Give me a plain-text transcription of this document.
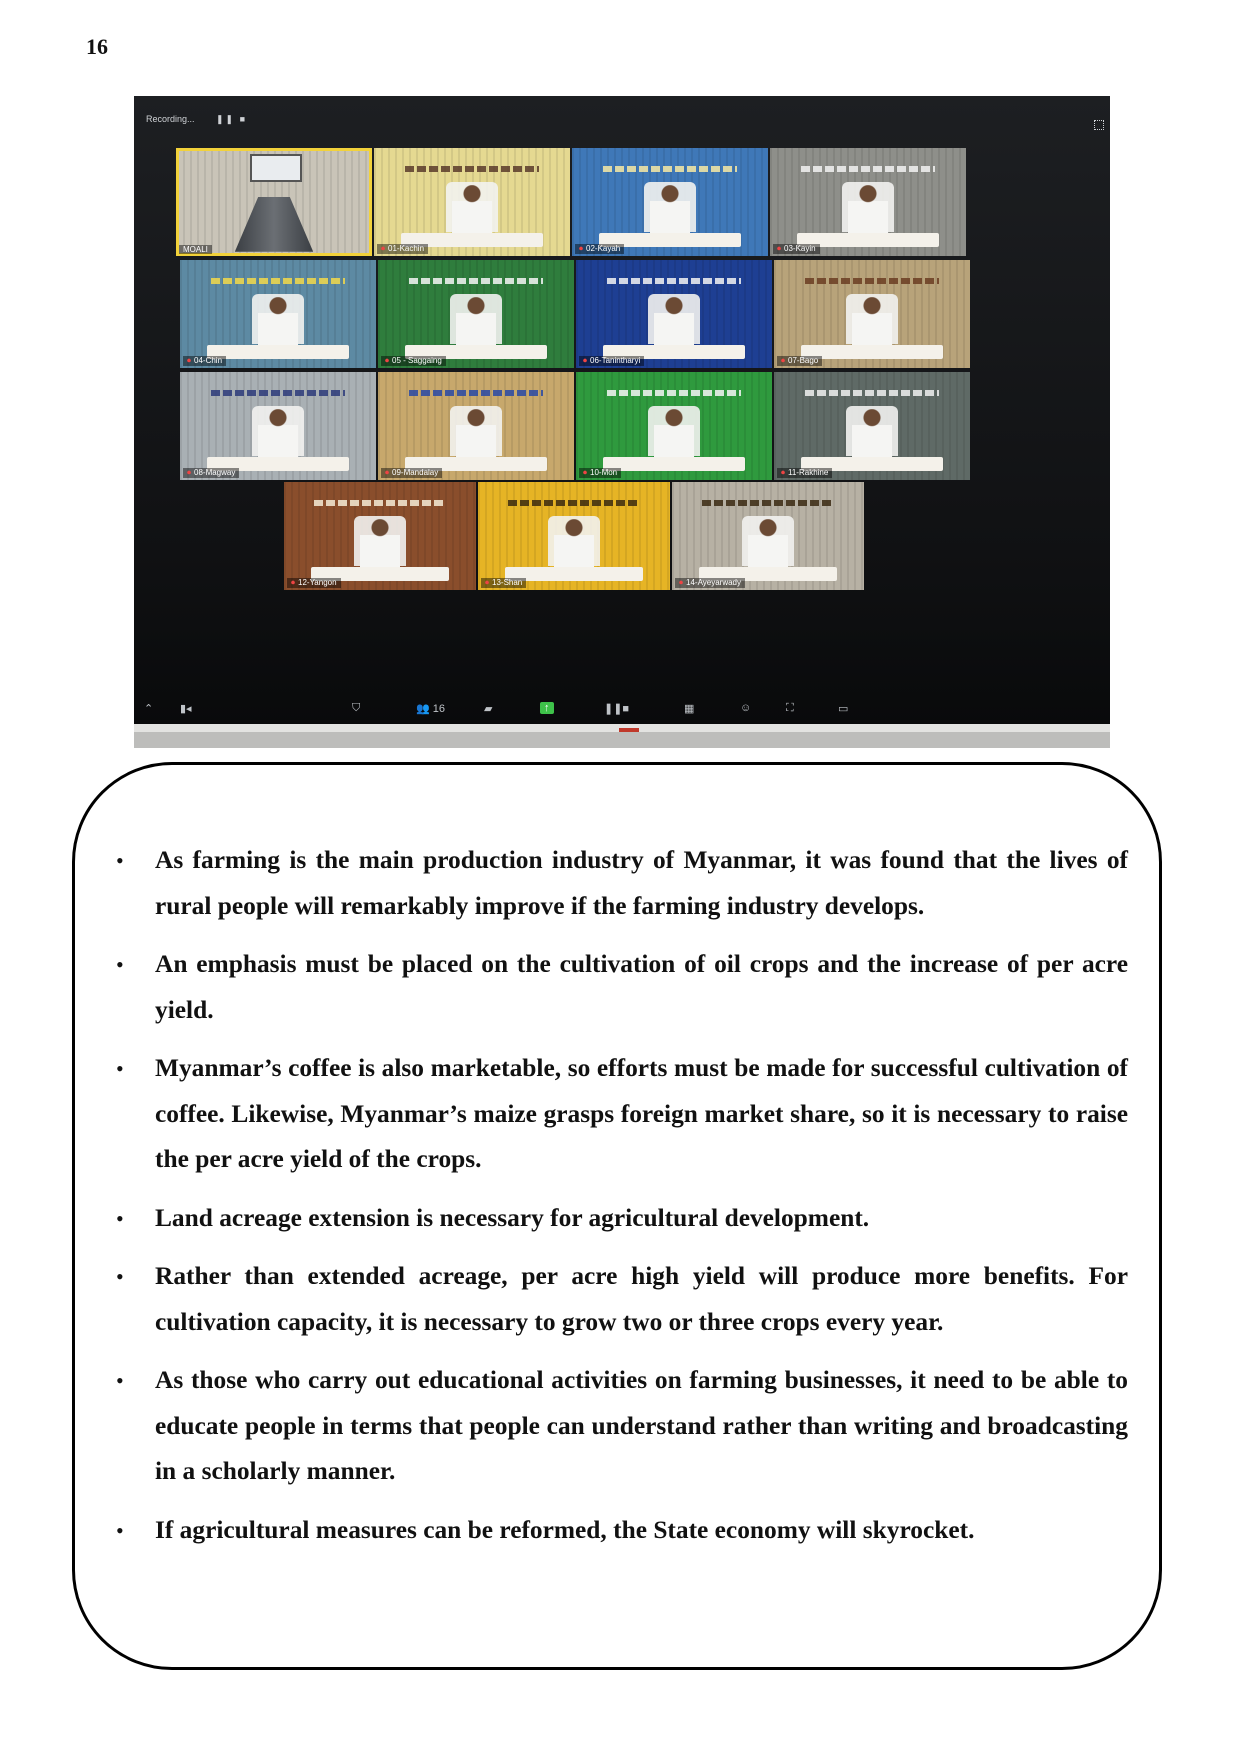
16
Recording... ❚❚ ■
MOALI	⏺ 01-Kachin	⏺ 02-Kayah	⏺ 03-Kayin
⏺ 04-Chin	⏺ 05 - Saggaing	⏺ 06-Tanintharyi	⏺ 07-Bago
⏺ 08-Magway	⏺ 09-Mandalay	⏺ 10-Mon	⏺ 11-Rakhine
⏺ 12-Yangon	⏺ 13-Shan	⏺ 14-Ayeyarwady
⌃ ▮◂	⛉	👥 16	▰	↑	❚❚■	▦	☺	⛶	▭
• As farming is the main production industry of Myanmar, it was found that the lives of rural people will remarkably improve if the farming industry develops.
• An emphasis must be placed on the cultivation of oil crops and the increase of per acre yield.
• Myanmar’s coffee is also marketable, so efforts must be made for successful cultivation of coffee. Likewise, Myanmar’s maize grasps foreign market share, so it is necessary to raise the per acre yield of the crops.
• Land acreage extension is necessary for agricultural development.
• Rather than extended acreage, per acre high yield will produce more benefits. For cultivation capacity, it is necessary to grow two or three crops every year.
• As those who carry out educational activities on farming businesses, it need to be able to educate people in terms that people can understand rather than writing and broadcasting in a scholarly manner.
• If agricultural measures can be reformed, the State economy will skyrocket.
